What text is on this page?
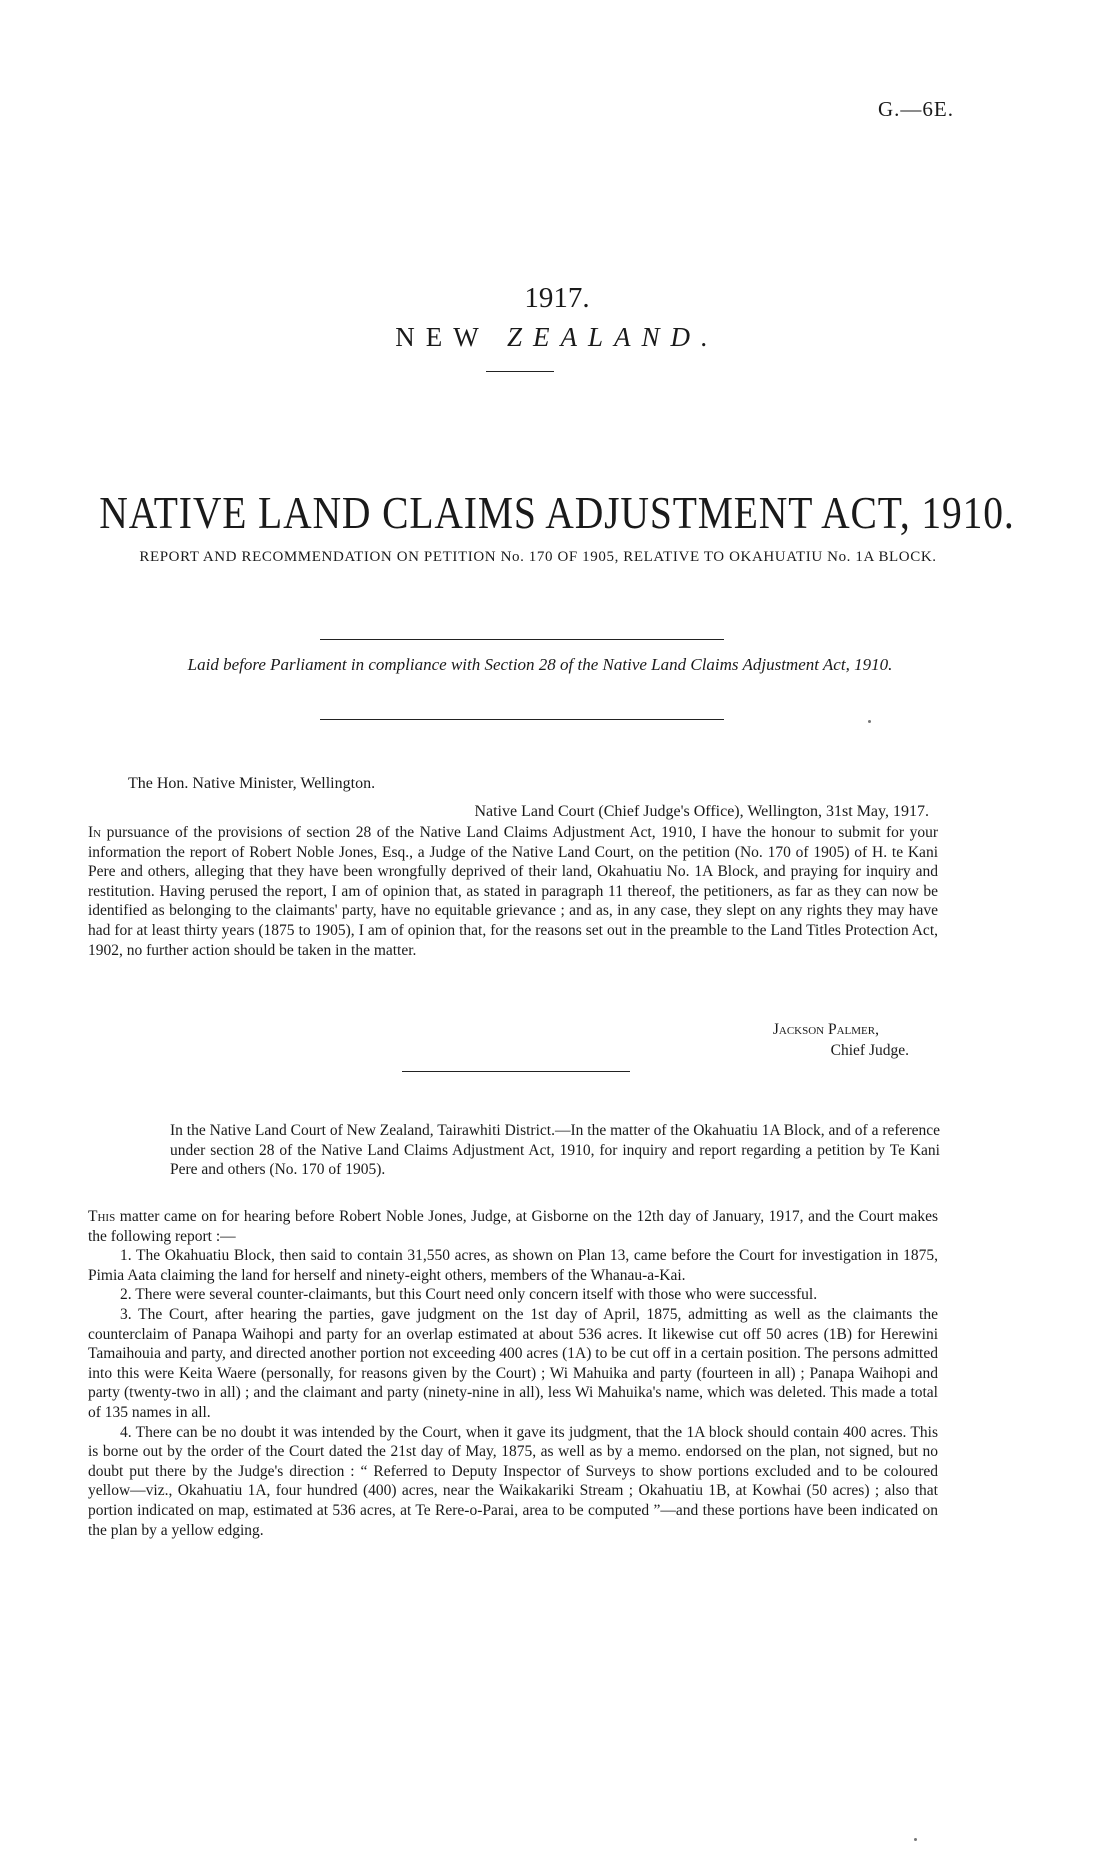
G.—6E.
1917.
NEW ZEALAND.
NATIVE LAND CLAIMS ADJUSTMENT ACT, 1910.
REPORT AND RECOMMENDATION ON PETITION No. 170 OF 1905, RELATIVE TO OKAHUATIU No. 1A BLOCK.
Laid before Parliament in compliance with Section 28 of the Native Land Claims Adjustment Act, 1910.
The Hon. Native Minister, Wellington.
Native Land Court (Chief Judge's Office), Wellington, 31st May, 1917.
In pursuance of the provisions of section 28 of the Native Land Claims Adjustment Act, 1910, I have the honour to submit for your information the report of Robert Noble Jones, Esq., a Judge of the Native Land Court, on the petition (No. 170 of 1905) of H. te Kani Pere and others, alleging that they have been wrongfully deprived of their land, Okahuatiu No. 1A Block, and praying for inquiry and restitution. Having perused the report, I am of opinion that, as stated in paragraph 11 thereof, the petitioners, as far as they can now be identified as belonging to the claimants' party, have no equitable grievance ; and as, in any case, they slept on any rights they may have had for at least thirty years (1875 to 1905), I am of opinion that, for the reasons set out in the preamble to the Land Titles Protection Act, 1902, no further action should be taken in the matter.
Jackson Palmer,
Chief Judge.
In the Native Land Court of New Zealand, Tairawhiti District.—In the matter of the Okahuatiu 1A Block, and of a reference under section 28 of the Native Land Claims Adjustment Act, 1910, for inquiry and report regarding a petition by Te Kani Pere and others (No. 170 of 1905).
This matter came on for hearing before Robert Noble Jones, Judge, at Gisborne on the 12th day of January, 1917, and the Court makes the following report :—
1. The Okahuatiu Block, then said to contain 31,550 acres, as shown on Plan 13, came before the Court for investigation in 1875, Pimia Aata claiming the land for herself and ninety-eight others, members of the Whanau-a-Kai.
2. There were several counter-claimants, but this Court need only concern itself with those who were successful.
3. The Court, after hearing the parties, gave judgment on the 1st day of April, 1875, admitting as well as the claimants the counterclaim of Panapa Waihopi and party for an overlap estimated at about 536 acres. It likewise cut off 50 acres (1B) for Herewini Tamaihouia and party, and directed another portion not exceeding 400 acres (1A) to be cut off in a certain position. The persons admitted into this were Keita Waere (personally, for reasons given by the Court) ; Wi Mahuika and party (fourteen in all) ; Panapa Waihopi and party (twenty-two in all) ; and the claimant and party (ninety-nine in all), less Wi Mahuika's name, which was deleted. This made a total of 135 names in all.
4. There can be no doubt it was intended by the Court, when it gave its judgment, that the 1A block should contain 400 acres. This is borne out by the order of the Court dated the 21st day of May, 1875, as well as by a memo. endorsed on the plan, not signed, but no doubt put there by the Judge's direction : “ Referred to Deputy Inspector of Surveys to show portions excluded and to be coloured yellow—viz., Okahuatiu 1A, four hundred (400) acres, near the Waikakariki Stream ; Okahuatiu 1B, at Kowhai (50 acres) ; also that portion indicated on map, estimated at 536 acres, at Te Rere-o-Parai, area to be computed ”—and these portions have been indicated on the plan by a yellow edging.
